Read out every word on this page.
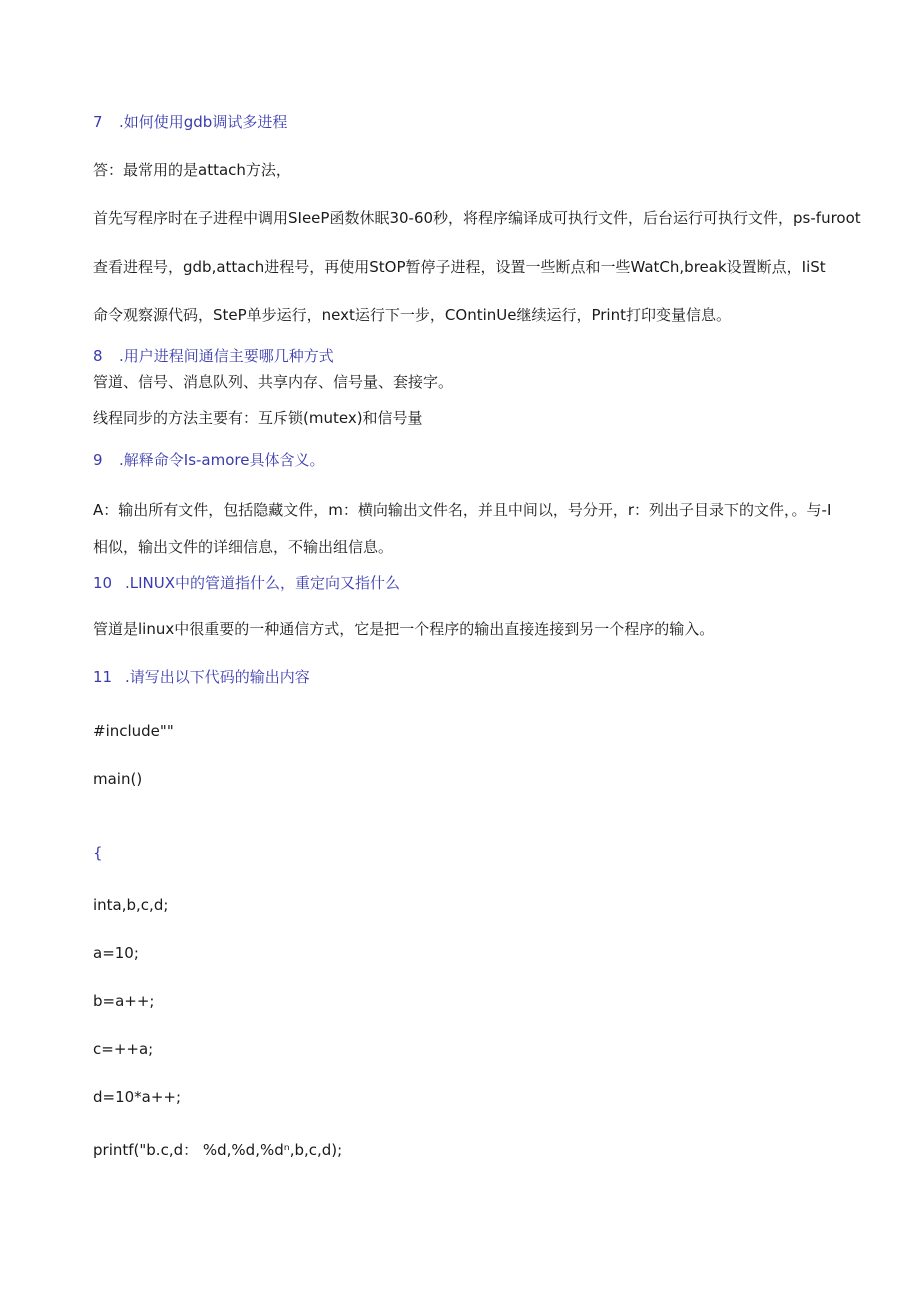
7 .如何使用gdb调试多进程
答：最常用的是attach方法，
首先写程序时在子进程中调用SIeeP函数休眠30-60秒，将程序编译成可执行文件，后台运行可执行文件，ps-furoot
查看进程号，gdb,attach进程号，再使用StOP暂停子进程，设置一些断点和一些WatCh,break设置断点，IiSt
命令观察源代码，SteP单步运行，next运行下一步，COntinUe继续运行，Print打印变量信息。
8 .用户进程间通信主要哪几种方式
管道、信号、消息队列、共享内存、信号量、套接字。
线程同步的方法主要有：互斥锁(mutex)和信号量
9 .解释命令Is-amore具体含义。
A：输出所有文件，包括隐藏文件，m：横向输出文件名，并且中间以，号分开，r：列出子目录下的文件，。与-I
相似，输出文件的详细信息，不输出组信息。
10 .LINUX中的管道指什么，重定向又指什么
管道是linux中很重要的一种通信方式，它是把一个程序的输出直接连接到另一个程序的输入。
11 .请写出以下代码的输出内容
#include""
main()
{
inta,b,c,d;
a=10;
b=a++;
c=++a;
d=10*a++;
printf("b.c,d： %d,%d,%dⁿ,b,c,d);
